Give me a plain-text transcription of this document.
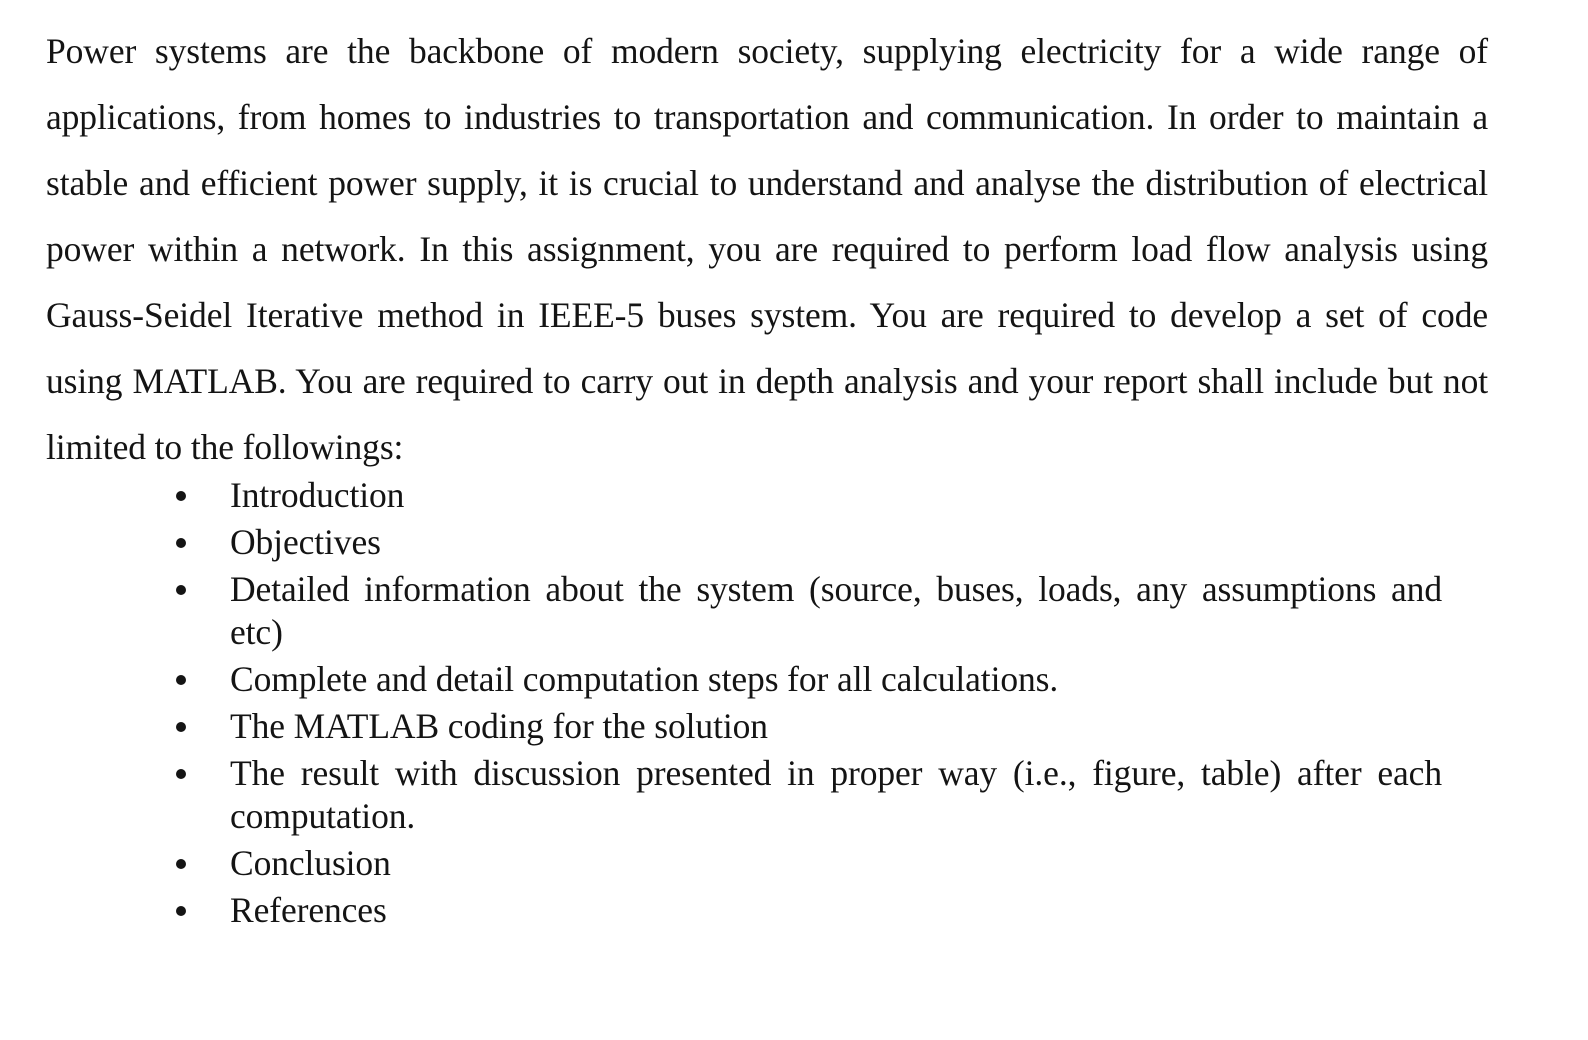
Power systems are the backbone of modern society, supplying electricity for a wide range of applications, from homes to industries to transportation and communication. In order to maintain a stable and efficient power supply, it is crucial to understand and analyse the distribution of electrical power within a network. In this assignment, you are required to perform load flow analysis using Gauss-Seidel Iterative method in IEEE-5 buses system. You are required to develop a set of code using MATLAB. You are required to carry out in depth analysis and your report shall include but not limited to the followings:

Introduction
Objectives
Detailed information about the system (source, buses, loads, any assumptions and etc)
Complete and detail computation steps for all calculations.
The MATLAB coding for the solution
The result with discussion presented in proper way (i.e., figure, table) after each computation.
Conclusion
References
